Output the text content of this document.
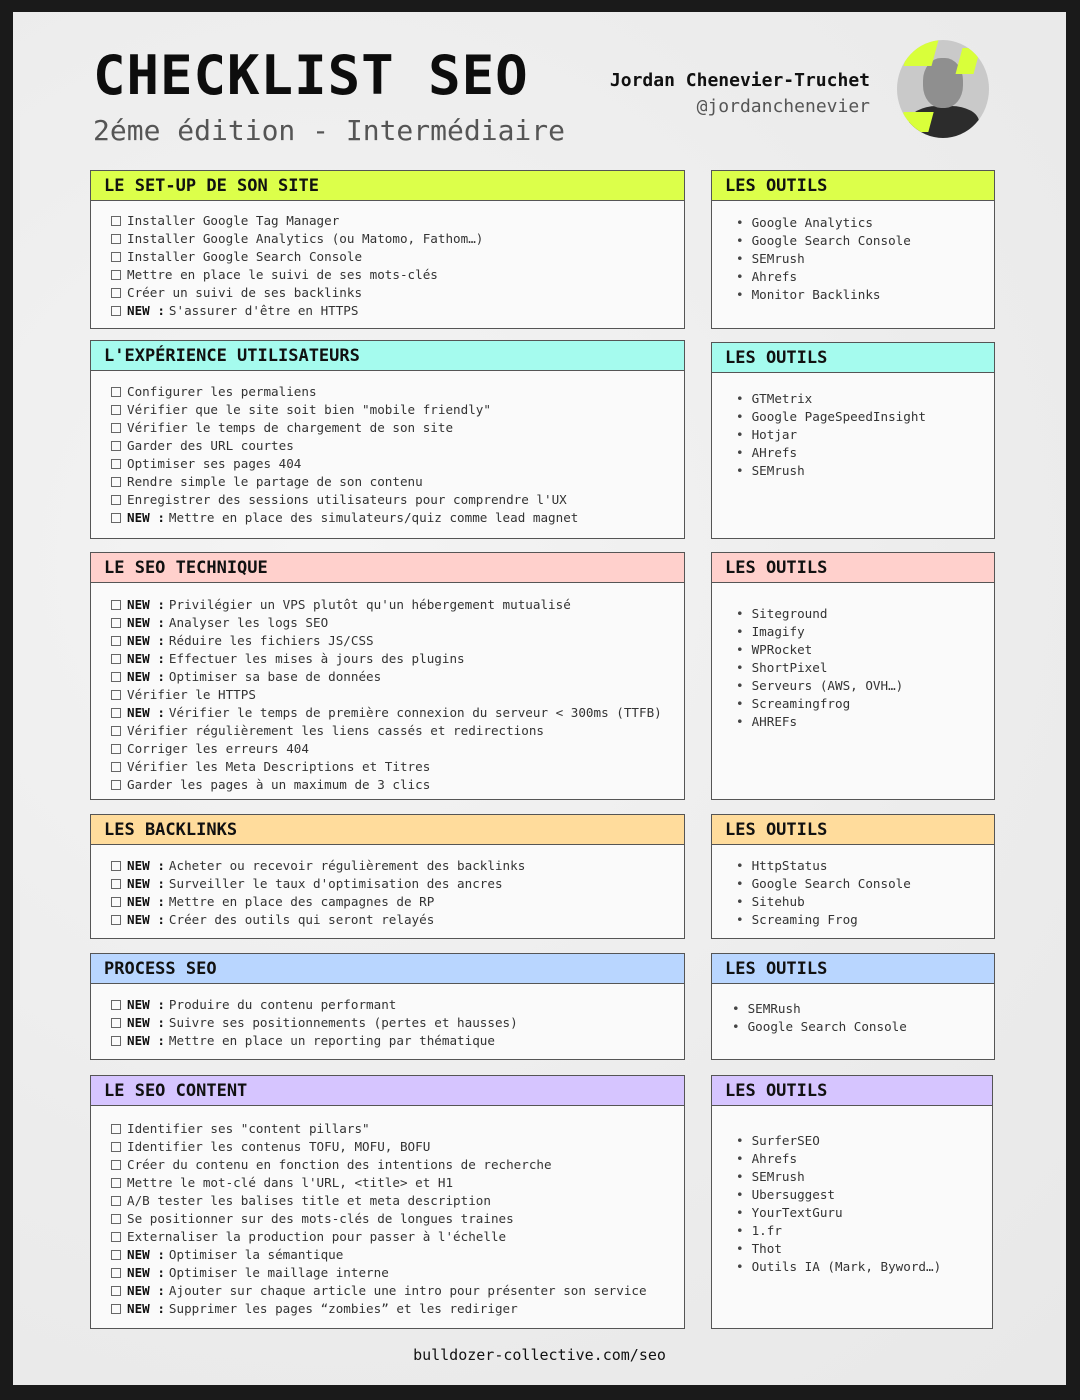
CHECKLIST SEO
2éme édition - Intermédiaire
Jordan Chenevier-Truchet
@jordanchenevier
LE SET-UP DE SON SITE
Installer Google Tag Manager
Installer Google Analytics (ou Matomo, Fathom…)
Installer Google Search Console
Mettre en place le suivi de ses mots-clés
Créer un suivi de ses backlinks
NEW : S'assurer d'être en HTTPS
LES OUTILS
• Google Analytics
• Google Search Console
• SEMrush
• Ahrefs
• Monitor Backlinks
L'EXPÉRIENCE UTILISATEURS
Configurer les permaliens
Vérifier que le site soit bien "mobile friendly"
Vérifier le temps de chargement de son site
Garder des URL courtes
Optimiser ses pages 404
Rendre simple le partage de son contenu
Enregistrer des sessions utilisateurs pour comprendre l'UX
NEW : Mettre en place des simulateurs/quiz comme lead magnet
LES OUTILS
• GTMetrix
• Google PageSpeedInsight
• Hotjar
• AHrefs
• SEMrush
LE SEO TECHNIQUE
NEW : Privilégier un VPS plutôt qu'un hébergement mutualisé
NEW : Analyser les logs SEO
NEW : Réduire les fichiers JS/CSS
NEW : Effectuer les mises à jours des plugins
NEW : Optimiser sa base de données
Vérifier le HTTPS
NEW : Vérifier le temps de première connexion du serveur < 300ms (TTFB)
Vérifier régulièrement les liens cassés et redirections
Corriger les erreurs 404
Vérifier les Meta Descriptions et Titres
Garder les pages à un maximum de 3 clics
LES OUTILS
• Siteground
• Imagify
• WPRocket
• ShortPixel
• Serveurs (AWS, OVH…)
• Screamingfrog
• AHREFs
LES BACKLINKS
NEW : Acheter ou recevoir régulièrement des backlinks
NEW : Surveiller le taux d'optimisation des ancres
NEW : Mettre en place des campagnes de RP
NEW : Créer des outils qui seront relayés
LES OUTILS
• HttpStatus
• Google Search Console
• Sitehub
• Screaming Frog
PROCESS SEO
NEW : Produire du contenu performant
NEW : Suivre ses positionnements (pertes et hausses)
NEW : Mettre en place un reporting par thématique
LES OUTILS
• SEMRush
• Google Search Console
LE SEO CONTENT
Identifier ses "content pillars"
Identifier les contenus TOFU, MOFU, BOFU
Créer du contenu en fonction des intentions de recherche
Mettre le mot-clé dans l'URL, <title> et H1
A/B tester les balises title et meta description
Se positionner sur des mots-clés de longues traines
Externaliser la production pour passer à l'échelle
NEW : Optimiser la sémantique
NEW : Optimiser le maillage interne
NEW : Ajouter sur chaque article une intro pour présenter son service
NEW : Supprimer les pages “zombies” et les rediriger
LES OUTILS
• SurferSEO
• Ahrefs
• SEMrush
• Ubersuggest
• YourTextGuru
• 1.fr
• Thot
• Outils IA (Mark, Byword…)
bulldozer-collective.com/seo
